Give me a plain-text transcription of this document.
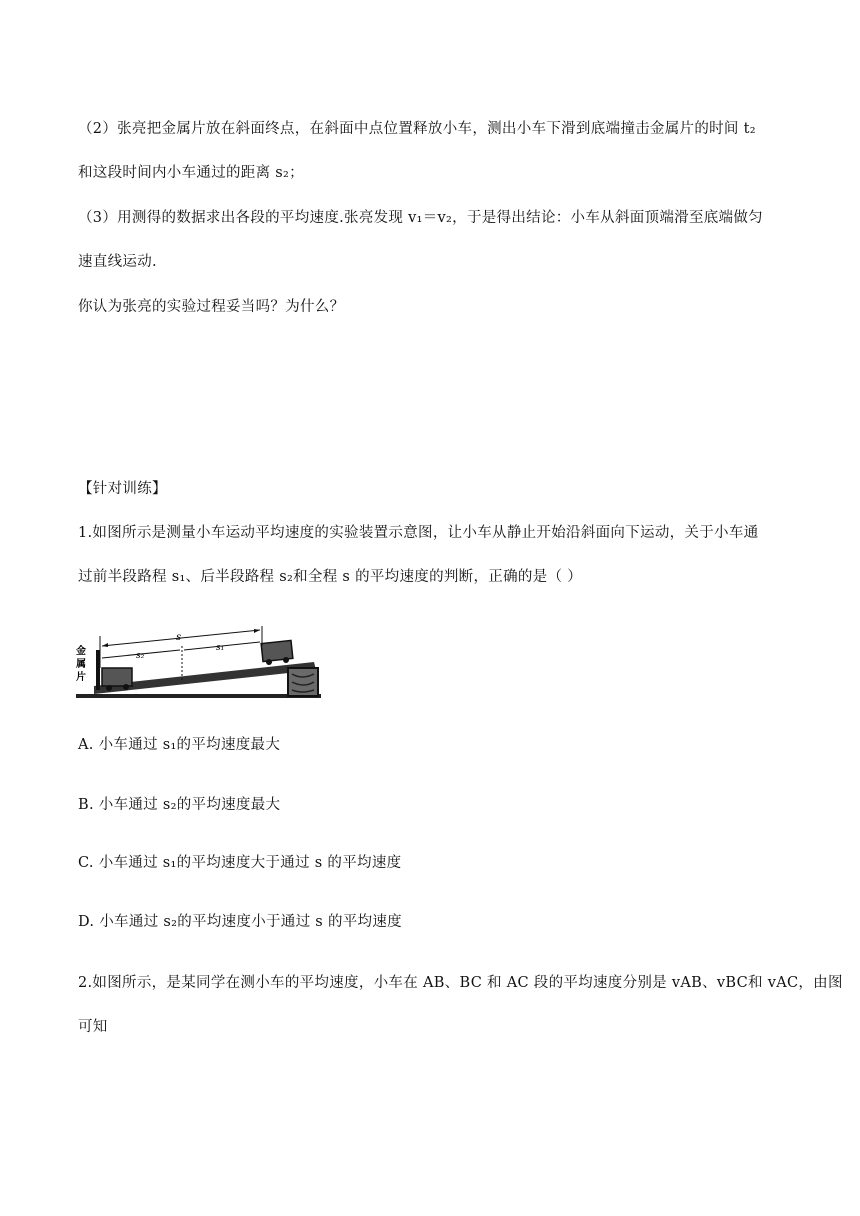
（2）张亮把金属片放在斜面终点，在斜面中点位置释放小车，测出小车下滑到底端撞击金属片的时间 t₂
和这段时间内小车通过的距离 s₂；
（3）用测得的数据求出各段的平均速度.张亮发现 v₁＝v₂，于是得出结论：小车从斜面顶端滑至底端做匀
速直线运动.
你认为张亮的实验过程妥当吗？为什么？
【针对训练】
1.如图所示是测量小车运动平均速度的实验装置示意图，让小车从静止开始沿斜面向下运动，关于小车通
过前半段路程 s₁、后半段路程 s₂和全程 s 的平均速度的判断，正确的是（ ）
金
属
片
s
s₂
s₁
A. 小车通过 s₁的平均速度最大
B. 小车通过 s₂的平均速度最大
C. 小车通过 s₁的平均速度大于通过 s 的平均速度
D. 小车通过 s₂的平均速度小于通过 s 的平均速度
2.如图所示，是某同学在测小车的平均速度，小车在 AB、BC 和 AC 段的平均速度分别是 vAB、vBC和 vAC，由图
可知
